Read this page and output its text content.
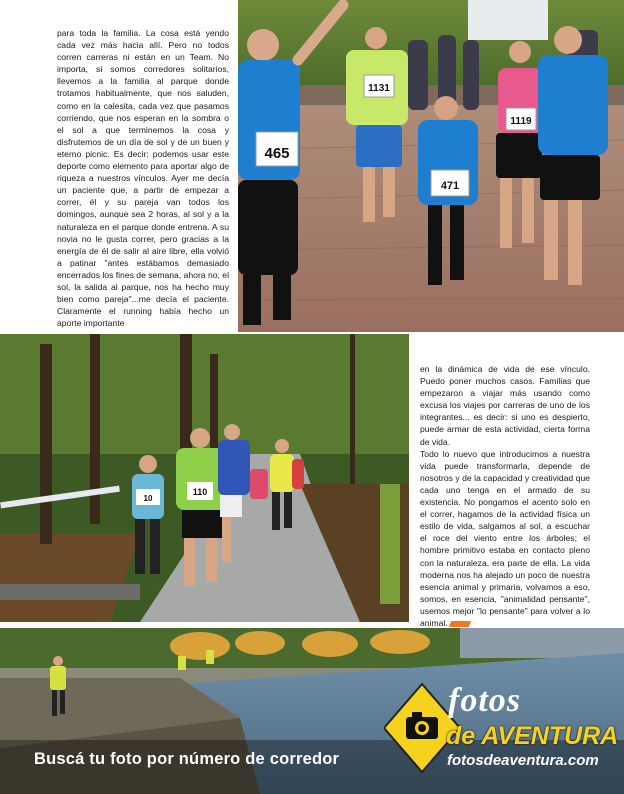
para toda la familia. La cosa está yendo cada vez más hacia allí. Pero no todos corren carreras ni están en un Team. No importa, si somos corredores solitarios, llevemos a la familia al parque donde trotamos habitualmente, que nos saluden, como en la calesita, cada vez que pasamos corriendo, que nos esperan en la sombra o el sol a que terminemos la cosa y disfrutemos de un día de sol y de un buen y eterno picnic. Es decir: podemos usar este deporte como elemento para aportar algo de riqueza a nuestros vínculos. Ayer me decía un paciente que, a partir de empezar a correr, él y su pareja van todos los domingos, aunque sea 2 horas, al sol y a la naturaleza en el parque donde entrena. A su novia no le gusta correr, pero gracias a la energía de él de salir al aire libre, ella volvió a patinar "antes estábamos demasiado encerrados los fines de semana, ahora no, el sol, la salida al parque, nos ha hecho muy bien como pareja"...me decía el paciente. Claramente el running había hecho un aporte importante

465
1131
471
1119
10
110

en la dinámica de vida de ese vínculo. Puedo poner muchos casos. Familias que empezaron a viajar más usando como excusa los viajes por carreras de uno de los integrantes... es decir: si uno es despierto, puede armar de esta actividad, cierta forma de vida.

Todo lo nuevo que introducimos a nuestra vida puede transformarla, depende de nosotros y de la capacidad y creatividad que cada uno tenga en el armado de su existencia. No pongamos el acento solo en el correr, hagamos de la actividad física un estilo de vida, salgamos al sol, a escuchar el roce del viento entre los árboles; el hombre primitivo estaba en contacto pleno con la naturaleza, era parte de ella. La vida moderna nos ha alejado un poco de nuestra esencia animal y primaria, volvamos a eso, somos, en esencia, "animalidad pensante", usemos mejor "lo pensante" para volver a lo animal.

Buscá tu foto por número de corredor
fotos
de AVENTURA
fotosdeaventura.com
